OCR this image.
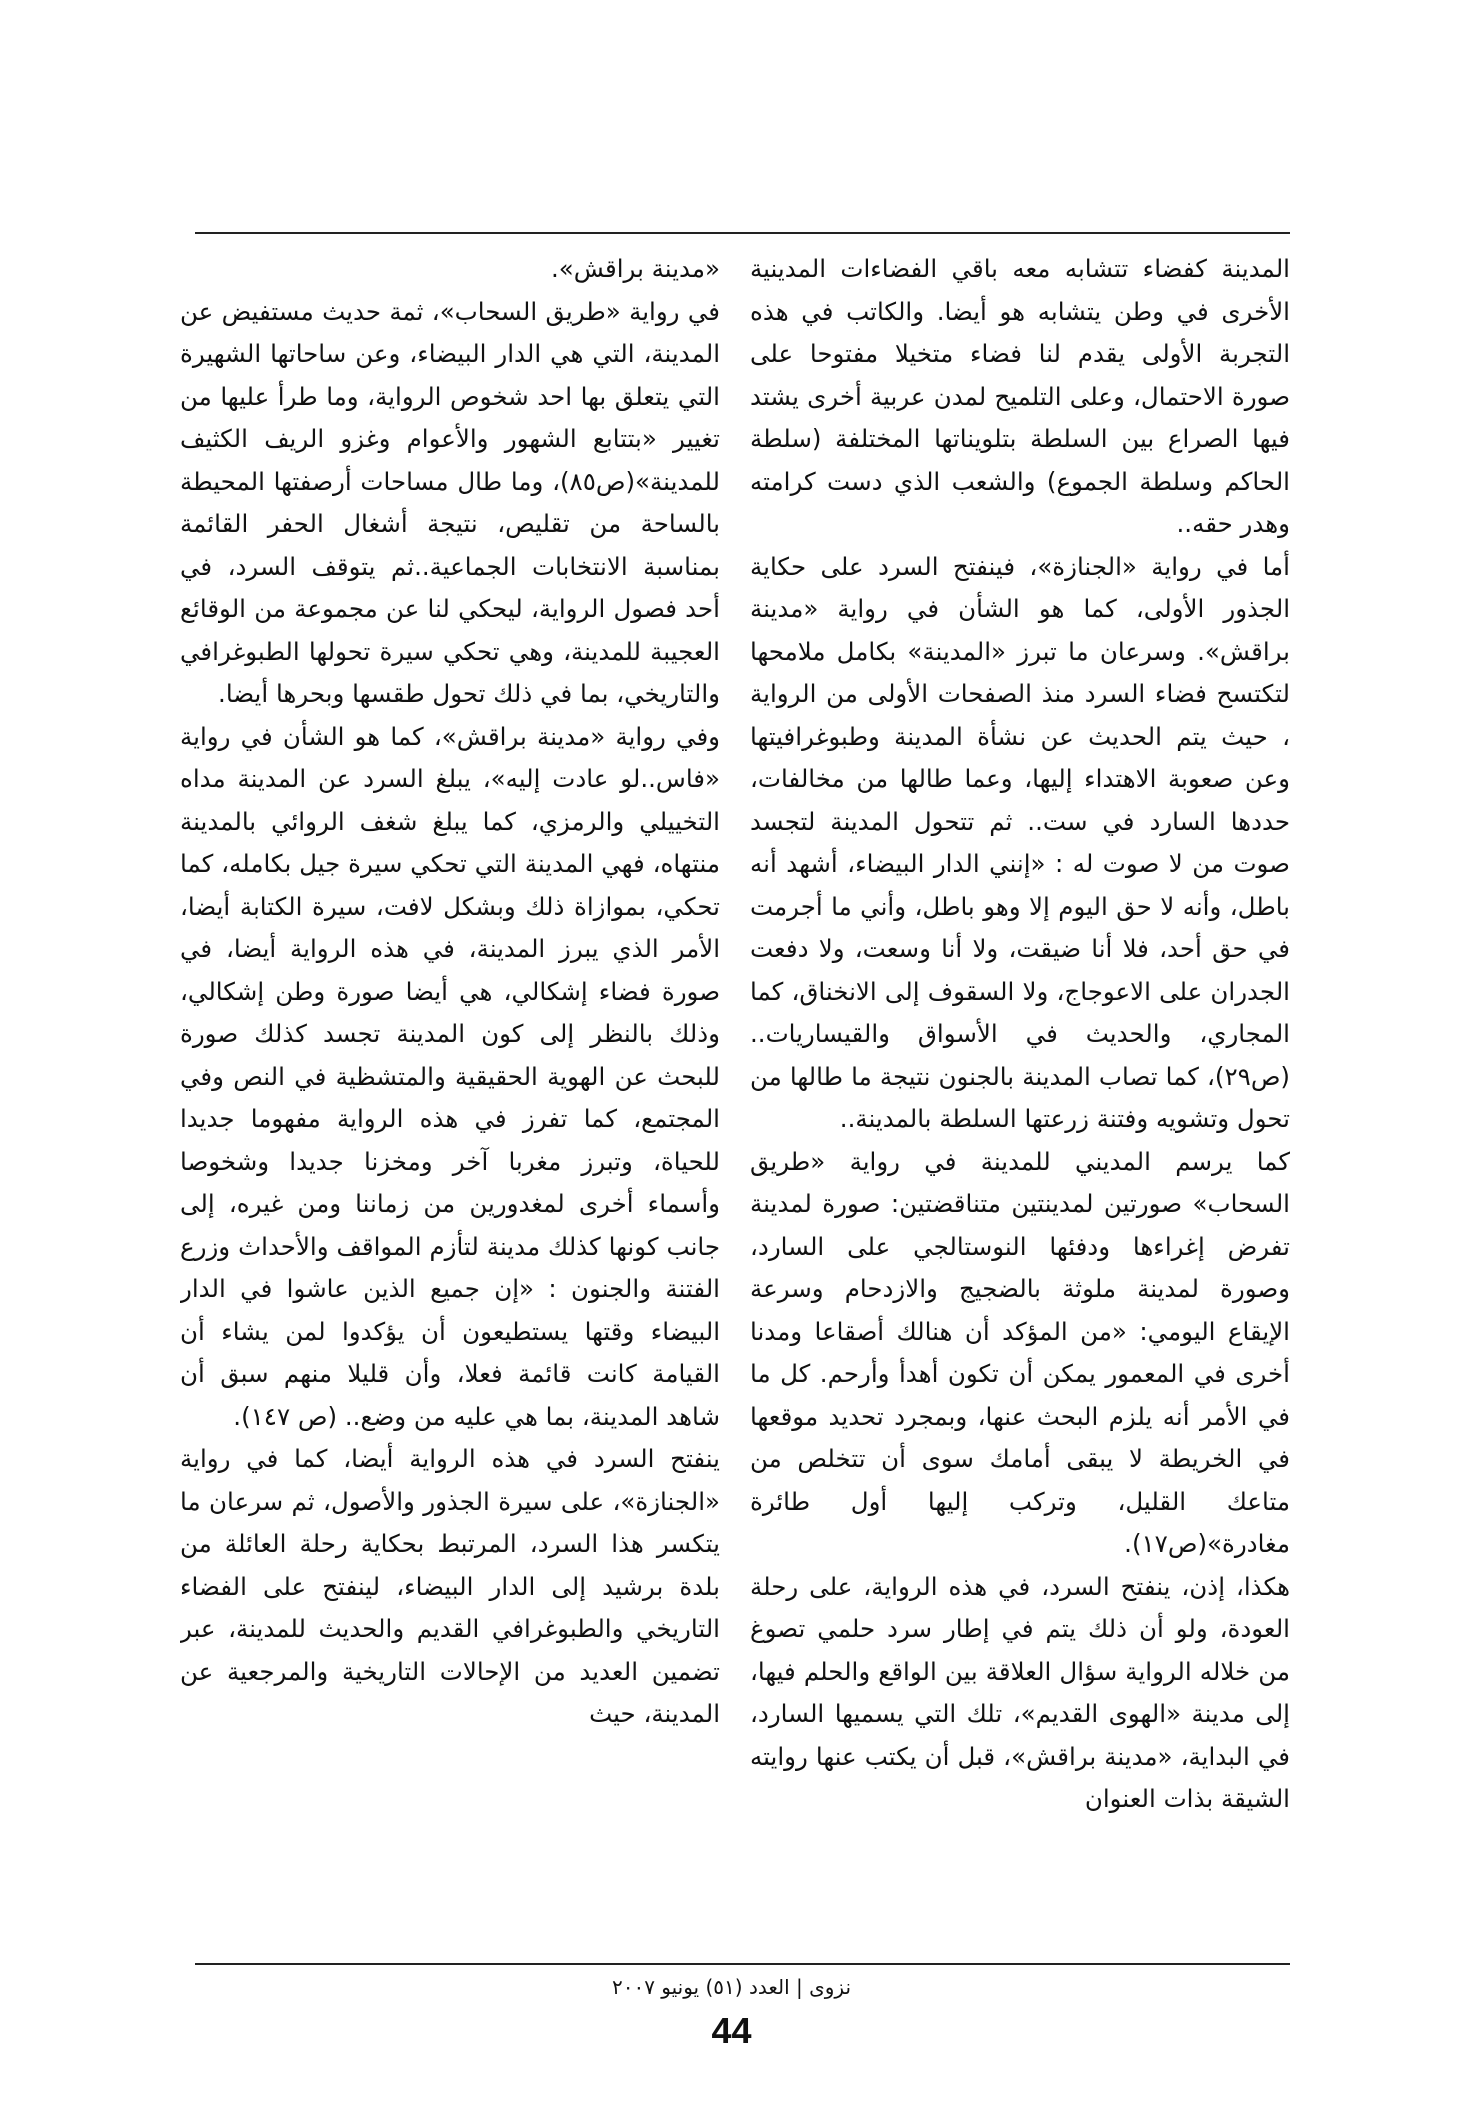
المدينة كفضاء تتشابه معه باقي الفضاءات المدينية الأخرى في وطن يتشابه هو أيضا. والكاتب في هذه التجربة الأولى يقدم لنا فضاء متخيلا مفتوحا على صورة الاحتمال، وعلى التلميح لمدن عربية أخرى يشتد فيها الصراع بين السلطة بتلويناتها المختلفة (سلطة الحاكم وسلطة الجموع) والشعب الذي دست كرامته وهدر حقه..

أما في رواية «الجنازة»، فينفتح السرد على حكاية الجذور الأولى، كما هو الشأن في رواية «مدينة براقش». وسرعان ما تبرز «المدينة» بكامل ملامحها لتكتسح فضاء السرد منذ الصفحات الأولى من الرواية ، حيث يتم الحديث عن نشأة المدينة وطبوغرافيتها وعن صعوبة الاهتداء إليها، وعما طالها من مخالفات، حددها السارد في ست.. ثم تتحول المدينة لتجسد صوت من لا صوت له : «إنني الدار البيضاء، أشهد أنه باطل، وأنه لا حق اليوم إلا وهو باطل، وأني ما أجرمت في حق أحد، فلا أنا ضيقت، ولا أنا وسعت، ولا دفعت الجدران على الاعوجاج، ولا السقوف إلى الانخناق، كما المجاري، والحديث في الأسواق والقيساريات.. (ص٢٩)، كما تصاب المدينة بالجنون نتيجة ما طالها من تحول وتشويه وفتنة زرعتها السلطة بالمدينة..

كما يرسم المديني للمدينة في رواية «طريق السحاب» صورتين لمدينتين متناقضتين: صورة لمدينة تفرض إغراءها ودفئها النوستالجي على السارد، وصورة لمدينة ملوثة بالضجيج والازدحام وسرعة الإيقاع اليومي: «من المؤكد أن هنالك أصقاعا ومدنا أخرى في المعمور يمكن أن تكون أهدأ وأرحم. كل ما في الأمر أنه يلزم البحث عنها، وبمجرد تحديد موقعها في الخريطة لا يبقى أمامك سوى أن تتخلص من متاعك القليل، وتركب إليها أول طائرة مغادرة»(ص١٧).

هكذا، إذن، ينفتح السرد، في هذه الرواية، على رحلة العودة، ولو أن ذلك يتم في إطار سرد حلمي تصوغ من خلاله الرواية سؤال العلاقة بين الواقع والحلم فيها، إلى مدينة «الهوى القديم»، تلك التي يسميها السارد، في البداية، «مدينة براقش»، قبل أن يكتب عنها روايته الشيقة بذات العنوان

«مدينة براقش».

في رواية «طريق السحاب»، ثمة حديث مستفيض عن المدينة، التي هي الدار البيضاء، وعن ساحاتها الشهيرة التي يتعلق بها احد شخوص الرواية، وما طرأ عليها من تغيير «بتتابع الشهور والأعوام وغزو الريف الكثيف للمدينة»(ص٨٥)، وما طال مساحات أرصفتها المحيطة بالساحة من تقليص، نتيجة أشغال الحفر القائمة بمناسبة الانتخابات الجماعية..ثم يتوقف السرد، في أحد فصول الرواية، ليحكي لنا عن مجموعة من الوقائع العجيبة للمدينة، وهي تحكي سيرة تحولها الطبوغرافي والتاريخي، بما في ذلك تحول طقسها وبحرها أيضا.

وفي رواية «مدينة براقش»، كما هو الشأن في رواية «فاس..لو عادت إليه»، يبلغ السرد عن المدينة مداه التخييلي والرمزي، كما يبلغ شغف الروائي بالمدينة منتهاه، فهي المدينة التي تحكي سيرة جيل بكامله، كما تحكي، بموازاة ذلك وبشكل لافت، سيرة الكتابة أيضا، الأمر الذي يبرز المدينة، في هذه الرواية أيضا، في صورة فضاء إشكالي، هي أيضا صورة وطن إشكالي، وذلك بالنظر إلى كون المدينة تجسد كذلك صورة للبحث عن الهوية الحقيقية والمتشظية في النص وفي المجتمع، كما تفرز في هذه الرواية مفهوما جديدا للحياة، وتبرز مغربا آخر ومخزنا جديدا وشخوصا وأسماء أخرى لمغدورين من زماننا ومن غيره، إلى جانب كونها كذلك مدينة لتأزم المواقف والأحداث وزرع الفتنة والجنون : «إن جميع الذين عاشوا في الدار البيضاء وقتها يستطيعون أن يؤكدوا لمن يشاء أن القيامة كانت قائمة فعلا، وأن قليلا منهم سبق أن شاهد المدينة، بما هي عليه من وضع.. (ص ١٤٧).

ينفتح السرد في هذه الرواية أيضا، كما في رواية «الجنازة»، على سيرة الجذور والأصول، ثم سرعان ما يتكسر هذا السرد، المرتبط بحكاية رحلة العائلة من بلدة برشيد إلى الدار البيضاء، لينفتح على الفضاء التاريخي والطبوغرافي القديم والحديث للمدينة، عبر تضمين العديد من الإحالات التاريخية والمرجعية عن المدينة، حيث

نزوى | العدد (٥١) يونيو ٢٠٠٧
44
